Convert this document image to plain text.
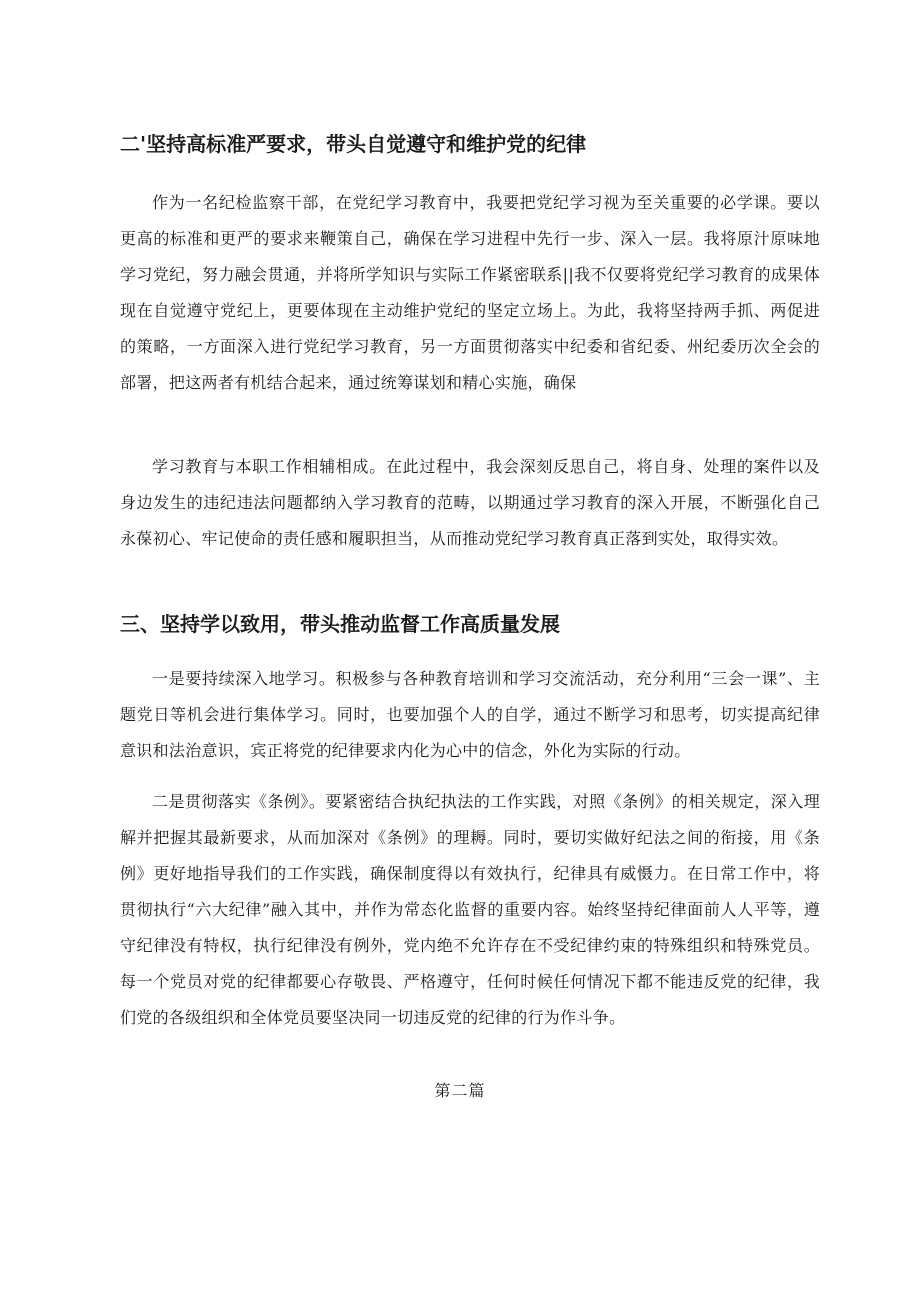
二'坚持高标准严要求，带头自觉遵守和维护党的纪律

作为一名纪检监察干部，在党纪学习教育中，我要把党纪学习视为至关重要的必学课。要以更高的标准和更严的要求来鞭策自己，确保在学习进程中先行一步、深入一层。我将原汁原味地学习党纪，努力融会贯通，并将所学知识与实际工作紧密联系||我不仅要将党纪学习教育的成果体现在自觉遵守党纪上，更要体现在主动维护党纪的坚定立场上。为此，我将坚持两手抓、两促进的策略，一方面深入进行党纪学习教育，另一方面贯彻落实中纪委和省纪委、州纪委历次全会的部署，把这两者有机结合起来，通过统筹谋划和精心实施，确保

学习教育与本职工作相辅相成。在此过程中，我会深刻反思自己，将自身、处理的案件以及身边发生的违纪违法问题都纳入学习教育的范畴，以期通过学习教育的深入开展，不断强化自己永葆初心、牢记使命的责任感和履职担当，从而推动党纪学习教育真正落到实处，取得实效。

三、坚持学以致用，带头推动监督工作高质量发展

一是要持续深入地学习。积极参与各种教育培训和学习交流活动，充分利用“三会一课”、主题党日等机会进行集体学习。同时，也要加强个人的自学，通过不断学习和思考，切实提高纪律意识和法治意识，宾正将党的纪律要求内化为心中的信念，外化为实际的行动。

二是贯彻落实《条例》。要紧密结合执纪执法的工作实践，对照《条例》的相关规定，深入理解并把握其最新要求，从而加深对《条例》的理耨。同时，要切实做好纪法之间的衔接，用《条例》更好地指导我们的工作实践，确保制度得以有效执行，纪律具有威慑力。在日常工作中，将贯彻执行“六大纪律”融入其中，并作为常态化监督的重要内容。始终坚持纪律面前人人平等，遵守纪律没有特权，执行纪律没有例外，党内绝不允许存在不受纪律约束的特殊组织和特殊党员。每一个党员对党的纪律都要心存敬畏、严格遵守，任何时候任何情况下都不能违反党的纪律，我们党的各级组织和全体党员要坚决同一切违反党的纪律的行为作斗争。

第二篇
